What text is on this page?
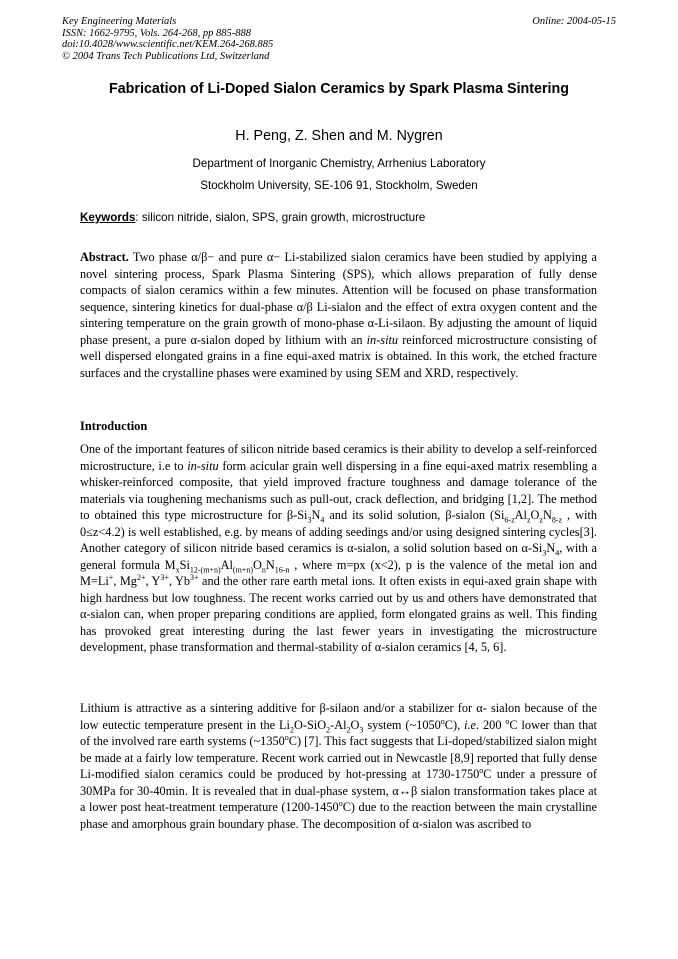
Key Engineering Materials
ISSN: 1662-9795, Vols. 264-268, pp 885-888
doi:10.4028/www.scientific.net/KEM.264-268.885
© 2004 Trans Tech Publications Ltd, Switzerland
Online: 2004-05-15
Fabrication of Li-Doped Sialon Ceramics by Spark Plasma Sintering
H. Peng, Z. Shen and M. Nygren
Department of Inorganic Chemistry, Arrhenius Laboratory
Stockholm University, SE-106 91, Stockholm, Sweden
Keywords: silicon nitride, sialon, SPS, grain growth, microstructure
Abstract. Two phase α/β− and pure α− Li-stabilized sialon ceramics have been studied by applying a novel sintering process, Spark Plasma Sintering (SPS), which allows preparation of fully dense compacts of sialon ceramics within a few minutes. Attention will be focused on phase transformation sequence, sintering kinetics for dual-phase α/β Li-sialon and the effect of extra oxygen content and the sintering temperature on the grain growth of mono-phase α-Li-silaon. By adjusting the amount of liquid phase present, a pure α-sialon doped by lithium with an in-situ reinforced microstructure consisting of well dispersed elongated grains in a fine equi-axed matrix is obtained. In this work, the etched fracture surfaces and the crystalline phases were examined by using SEM and XRD, respectively.
Introduction
One of the important features of silicon nitride based ceramics is their ability to develop a self-reinforced microstructure, i.e to in-situ form acicular grain well dispersing in a fine equi-axed matrix resembling a whisker-reinforced composite, that yield improved fracture toughness and damage tolerance of the materials via toughening mechanisms such as pull-out, crack deflection, and bridging [1,2]. The method to obtained this type microstructure for $\beta-Si_3N_4$ and its solid solution, β-sialon ($Si_{6-z}Al_zO_zN_{8-z}$ , with 0≤z<4.2) is well established, e.g. by means of adding seedings and/or using designed sintering cycles[3]. Another category of silicon nitride based ceramics is α-sialon, a solid solution based on $\alpha-Si_3N_4$, with a general formula $M_xSi_{12-(m+n)}Al_{(m+n)}O_nN_{16-n}$ , where m=px (x<2), p is the valence of the metal ion and M=Li+, $Mg^{2+}$, $Y^{3+}$, $Yb^{3+}$ and the other rare earth metal ions. It often exists in equi-axed grain shape with high hardness but low toughness. The recent works carried out by us and others have demonstrated that α-sialon can, when proper preparing conditions are applied, form elongated grains as well. This finding has provoked great interesting during the last fewer years in investigating the microstructure development, phase transformation and thermal-stability of α-sialon ceramics [4, 5, 6].
Lithium is attractive as a sintering additive for β-silaon and/or a stabilizer for α- sialon because of the low eutectic temperature present in the $Li_2O-SiO_2-Al_2O_3$ system (~1050$^o$C), i.e. 200 $^o$C lower than that of the involved rare earth systems (~1350$^o$C) [7]. This fact suggests that Li-doped/stabilized sialon might be made at a fairly low temperature. Recent work carried out in Newcastle [8,9] reported that fully dense Li-modified sialon ceramics could be produced by hot-pressing at 1730-1750$^o$C under a pressure of 30MPa for 30-40min. It is revealed that in dual-phase system, α↔β sialon transformation takes place at a lower post heat-treatment temperature (1200-1450$^o$C) due to the reaction between the main crystalline phase and amorphous grain boundary phase. The decomposition of α-sialon was ascribed to
